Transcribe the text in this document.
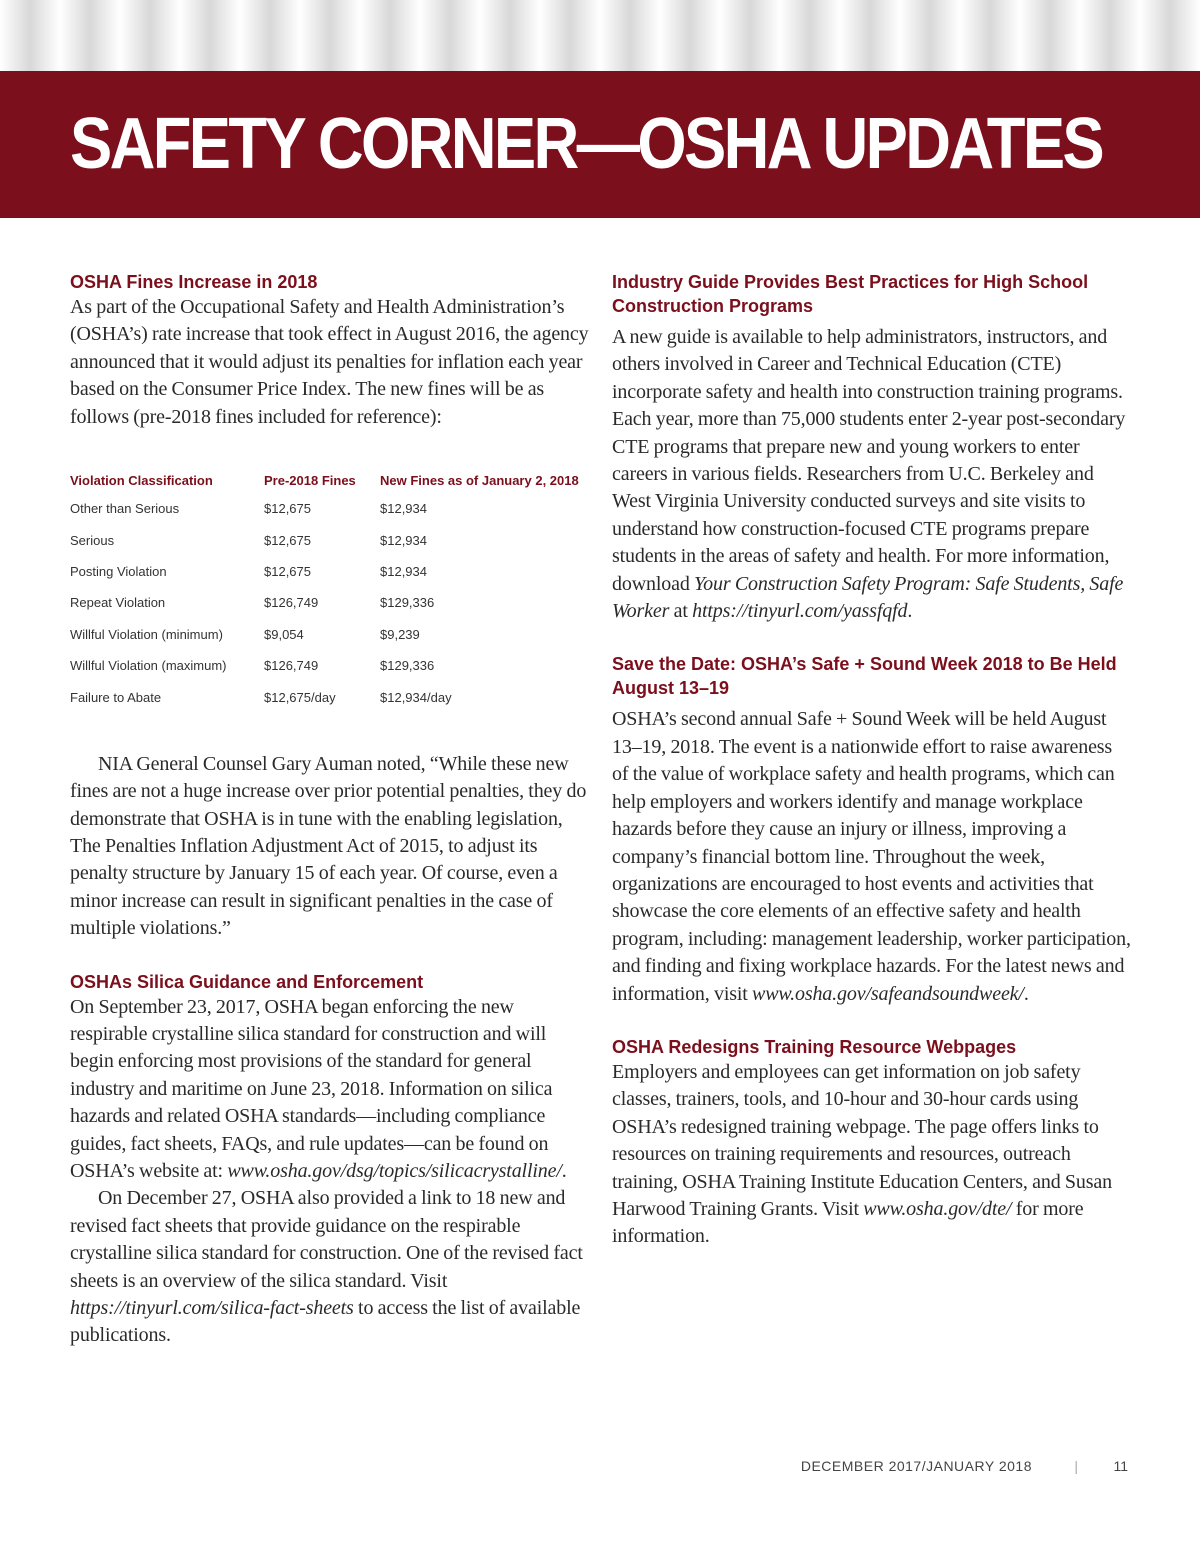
SAFETY CORNER—OSHA UPDATES
OSHA Fines Increase in 2018

As part of the Occupational Safety and Health Administration’s (OSHA’s) rate increase that took effect in August 2016, the agency announced that it would adjust its penalties for inflation each year based on the Consumer Price Index. The new fines will be as follows (pre-2018 fines included for reference):

Violation Classification	Pre-2018 Fines	New Fines as of January 2, 2018
Other than Serious	$12,675	$12,934
Serious	$12,675	$12,934
Posting Violation	$12,675	$12,934
Repeat Violation	$126,749	$129,336
Willful Violation (minimum)	$9,054	$9,239
Willful Violation (maximum)	$126,749	$129,336
Failure to Abate	$12,675/day	$12,934/day

NIA General Counsel Gary Auman noted, “While these new fines are not a huge increase over prior potential penalties, they do demonstrate that OSHA is in tune with the enabling legislation, The Penalties Inflation Adjustment Act of 2015, to adjust its penalty structure by January 15 of each year. Of course, even a minor increase can result in significant penalties in the case of multiple violations.”

OSHAs Silica Guidance and Enforcement

On September 23, 2017, OSHA began enforcing the new respirable crystalline silica standard for construction and will begin enforcing most provisions of the standard for general industry and maritime on June 23, 2018. Information on silica hazards and related OSHA standards—including compliance guides, fact sheets, FAQs, and rule updates—can be found on OSHA’s website at: www.osha.gov/dsg/topics/silicacrystalline/.

On December 27, OSHA also provided a link to 18 new and revised fact sheets that provide guidance on the respirable crystalline silica standard for construction. One of the revised fact sheets is an overview of the silica standard. Visit https://tinyurl.com/silica-fact-sheets to access the list of available publications.

Industry Guide Provides Best Practices for High School Construction Programs

A new guide is available to help administrators, instructors, and others involved in Career and Technical Education (CTE) incorporate safety and health into construction training programs. Each year, more than 75,000 students enter 2-year post-secondary CTE programs that prepare new and young workers to enter careers in various fields. Researchers from U.C. Berkeley and West Virginia University conducted surveys and site visits to understand how construction-focused CTE programs prepare students in the areas of safety and health. For more information, download Your Construction Safety Program: Safe Students, Safe Worker at https://tinyurl.com/yassfqfd.

Save the Date: OSHA’s Safe + Sound Week 2018 to Be Held August 13–19

OSHA’s second annual Safe + Sound Week will be held August 13–19, 2018. The event is a nationwide effort to raise awareness of the value of workplace safety and health programs, which can help employers and workers identify and manage workplace hazards before they cause an injury or illness, improving a company’s financial bottom line. Throughout the week, organizations are encouraged to host events and activities that showcase the core elements of an effective safety and health program, including: management leadership, worker participation, and finding and fixing workplace hazards. For the latest news and information, visit www.osha.gov/safeandsoundweek/.

OSHA Redesigns Training Resource Webpages

Employers and employees can get information on job safety classes, trainers, tools, and 10-hour and 30-hour cards using OSHA’s redesigned training webpage. The page offers links to resources on training requirements and resources, outreach training, OSHA Training Institute Education Centers, and Susan Harwood Training Grants. Visit www.osha.gov/dte/ for more information.

DECEMBER 2017/JANUARY 2018	|	11
